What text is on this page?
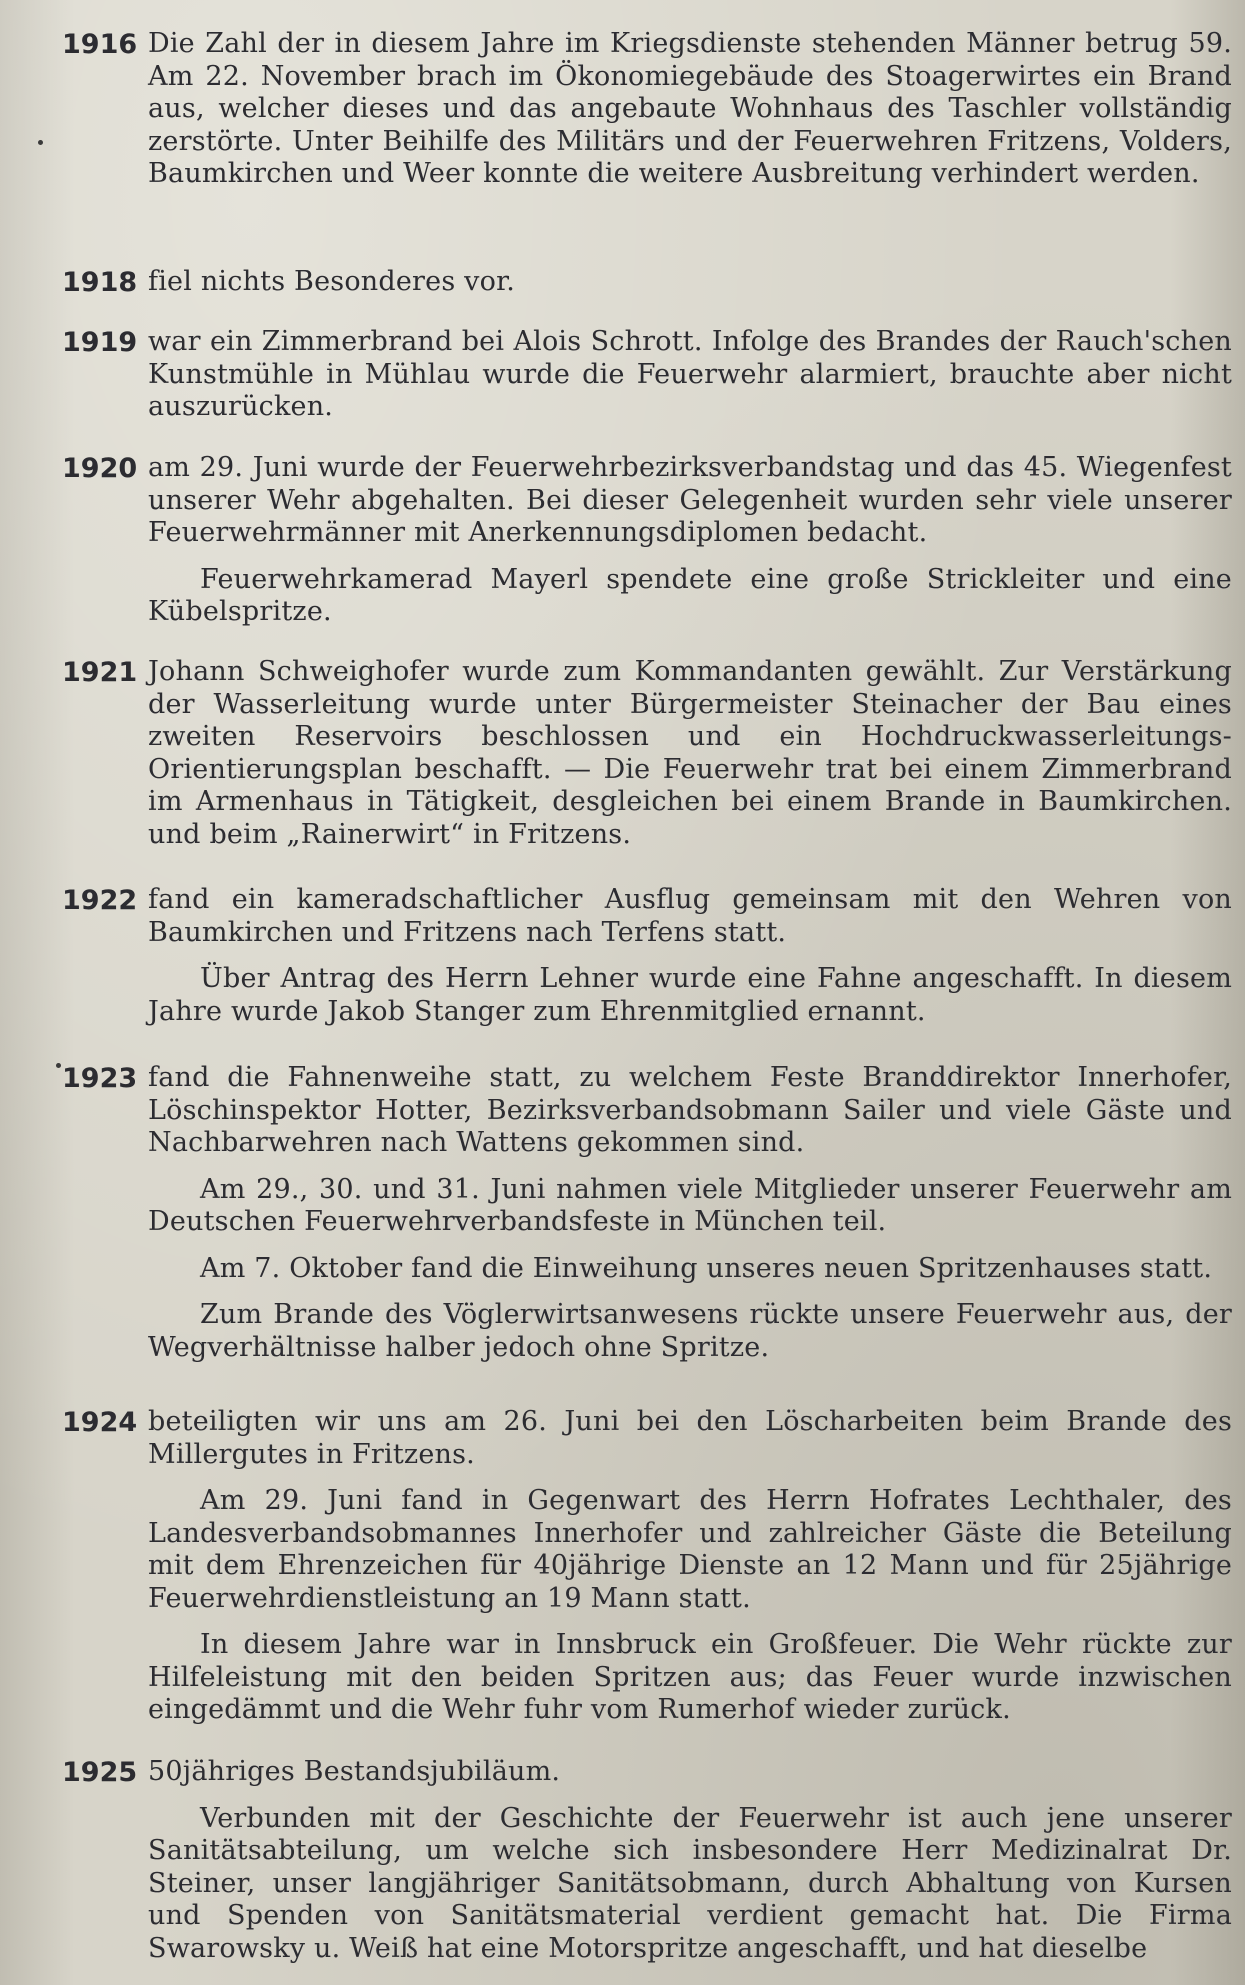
1916 Die Zahl der in diesem Jahre im Kriegsdienste stehenden Männer betrug 59. Am 22. November brach im Ökonomiegebäude des Stoagerwirtes ein Brand aus, welcher dieses und das angebaute Wohnhaus des Taschler vollständig zerstörte. Unter Beihilfe des Militärs und der Feuerwehren Fritzens, Volders, Baumkirchen und Weer konnte die weitere Ausbreitung verhindert werden.

1918 fiel nichts Besonderes vor.

1919 war ein Zimmerbrand bei Alois Schrott. Infolge des Brandes der Rauch'schen Kunstmühle in Mühlau wurde die Feuerwehr alarmiert, brauchte aber nicht auszurücken.

1920 am 29. Juni wurde der Feuerwehrbezirksverbandstag und das 45. Wiegenfest unserer Wehr abgehalten. Bei dieser Gelegenheit wurden sehr viele unserer Feuerwehrmänner mit Anerkennungsdiplomen bedacht.

Feuerwehrkamerad Mayerl spendete eine große Strickleiter und eine Kübelspritze.

1921 Johann Schweighofer wurde zum Kommandanten gewählt. Zur Verstärkung der Wasserleitung wurde unter Bürgermeister Steinacher der Bau eines zweiten Reservoirs beschlossen und ein Hochdruckwasserleitungs-Orientierungsplan beschafft. — Die Feuerwehr trat bei einem Zimmerbrand im Armenhaus in Tätigkeit, desgleichen bei einem Brande in Baumkirchen. und beim „Rainerwirt“ in Fritzens.

1922 fand ein kameradschaftlicher Ausflug gemeinsam mit den Wehren von Baumkirchen und Fritzens nach Terfens statt.

Über Antrag des Herrn Lehner wurde eine Fahne angeschafft. In diesem Jahre wurde Jakob Stanger zum Ehrenmitglied ernannt.

1923 fand die Fahnenweihe statt, zu welchem Feste Branddirektor Innerhofer, Löschinspektor Hotter, Bezirksverbandsobmann Sailer und viele Gäste und Nachbarwehren nach Wattens gekommen sind.

Am 29., 30. und 31. Juni nahmen viele Mitglieder unserer Feuerwehr am Deutschen Feuerwehrverbandsfeste in München teil.

Am 7. Oktober fand die Einweihung unseres neuen Spritzenhauses statt.

Zum Brande des Vöglerwirtsanwesens rückte unsere Feuerwehr aus, der Wegverhältnisse halber jedoch ohne Spritze.

1924 beteiligten wir uns am 26. Juni bei den Löscharbeiten beim Brande des Millergutes in Fritzens.

Am 29. Juni fand in Gegenwart des Herrn Hofrates Lechthaler, des Landesverbandsobmannes Innerhofer und zahlreicher Gäste die Beteilung mit dem Ehrenzeichen für 40jährige Dienste an 12 Mann und für 25jährige Feuerwehrdienstleistung an 19 Mann statt.

In diesem Jahre war in Innsbruck ein Großfeuer. Die Wehr rückte zur Hilfeleistung mit den beiden Spritzen aus; das Feuer wurde inzwischen eingedämmt und die Wehr fuhr vom Rumerhof wieder zurück.

1925 50jähriges Bestandsjubiläum.

Verbunden mit der Geschichte der Feuerwehr ist auch jene unserer Sanitätsabteilung, um welche sich insbesondere Herr Medizinalrat Dr. Steiner, unser langjähriger Sanitätsobmann, durch Abhaltung von Kursen und Spenden von Sanitätsmaterial verdient gemacht hat. Die Firma Swarowsky u. Weiß hat eine Motorspritze angeschafft, und hat dieselbe
